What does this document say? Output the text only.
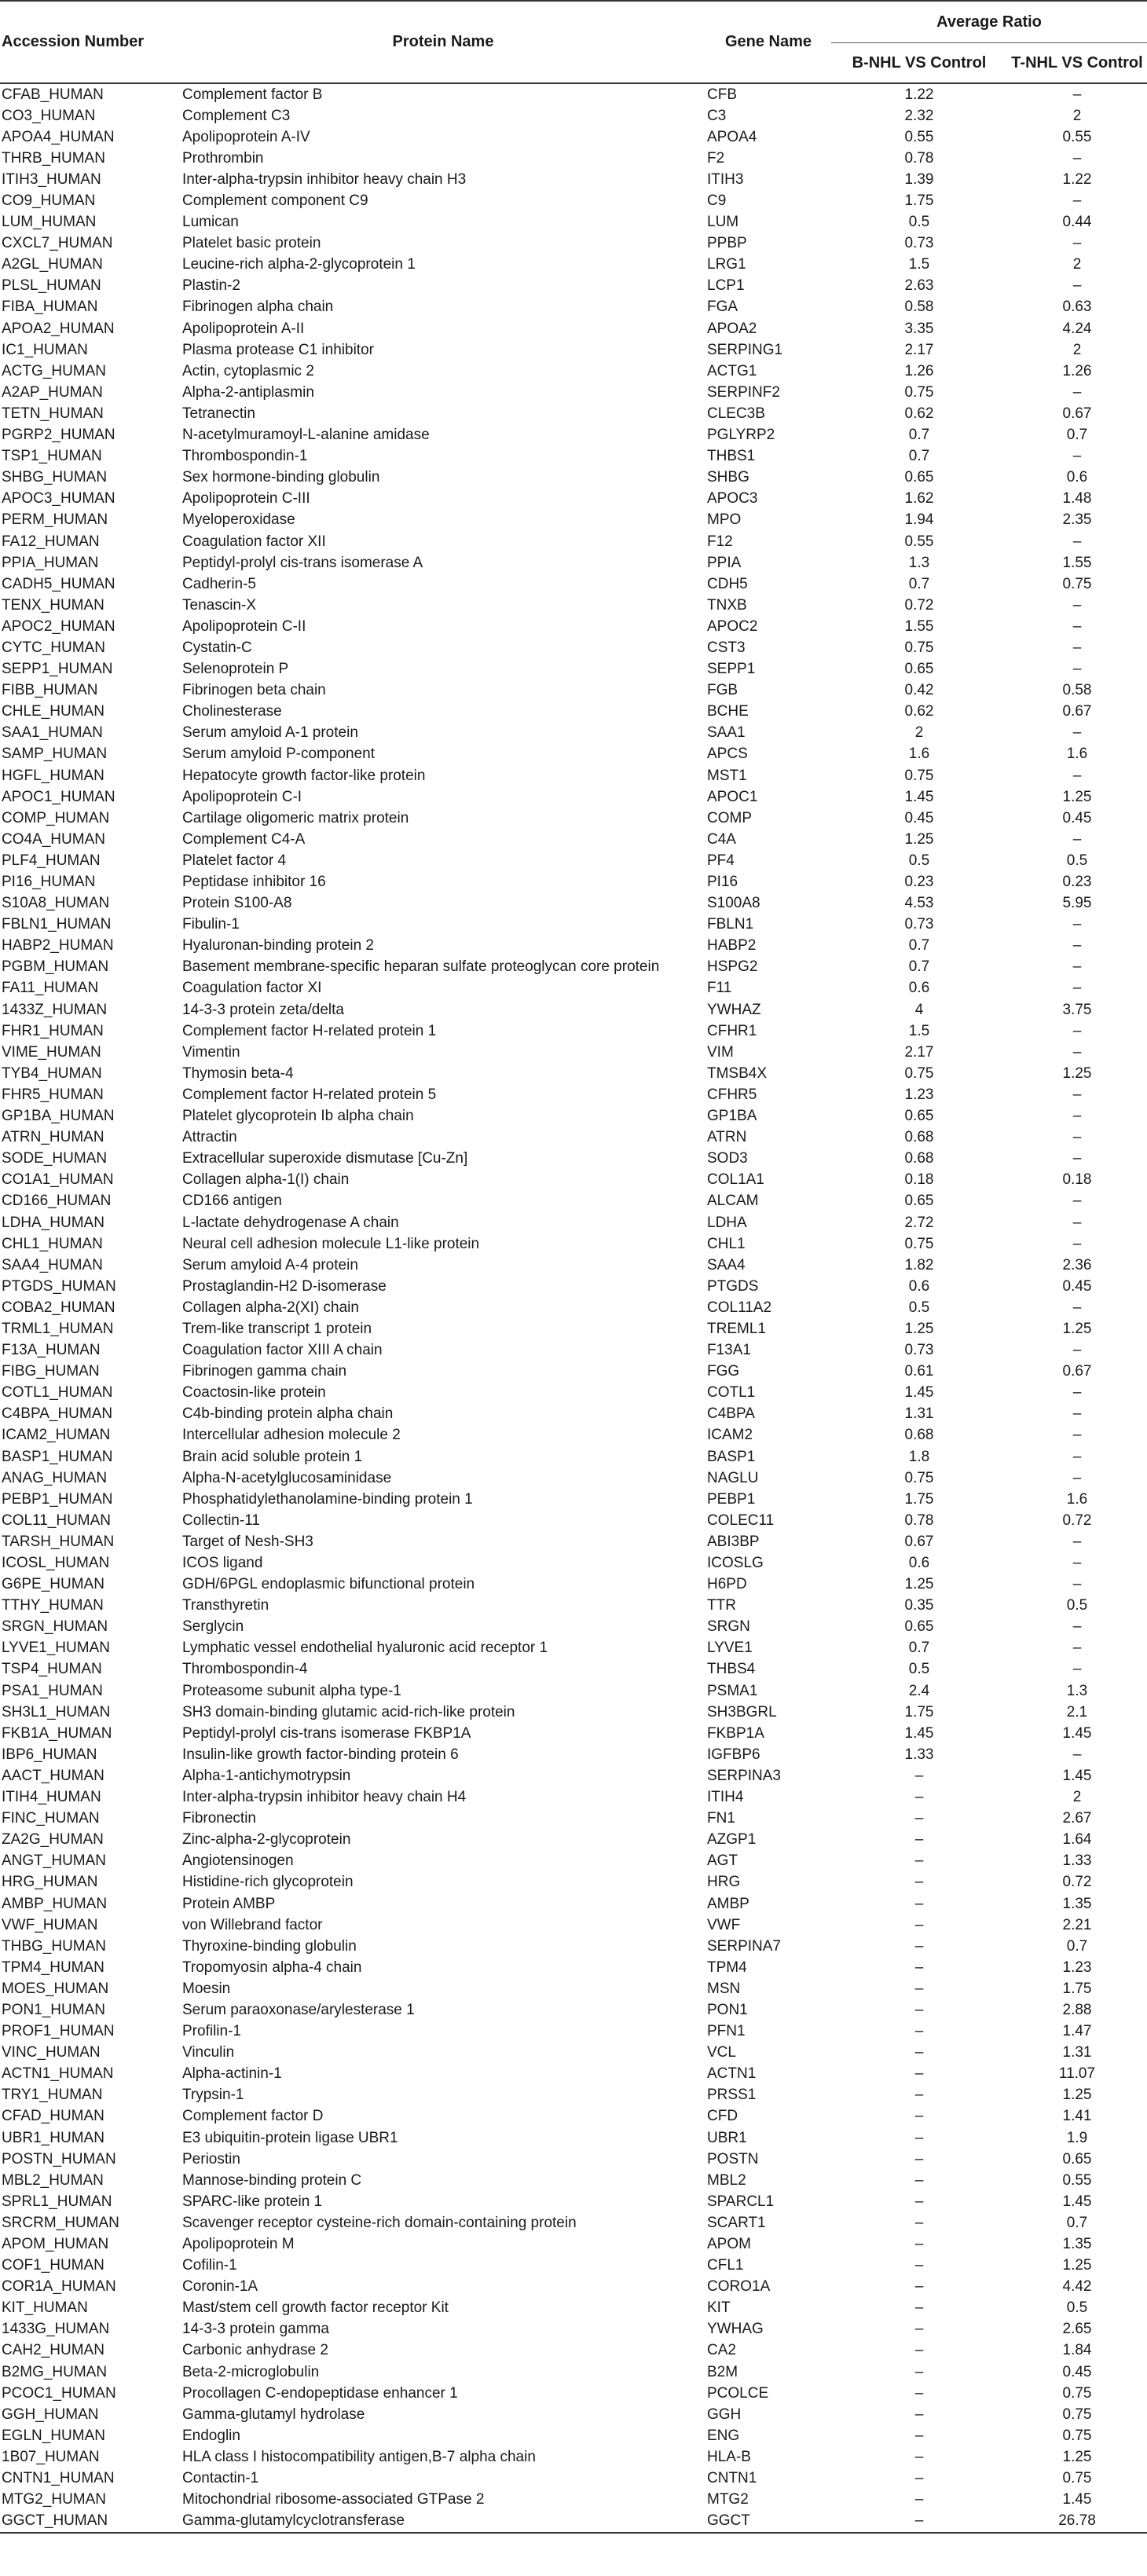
Accession Number	Protein Name	Gene Name	Average Ratio	
			B-NHL VS Control	T-NHL VS Control
CFAB_HUMAN	Complement factor B	CFB	1.22	–
CO3_HUMAN	Complement C3	C3	2.32	2
APOA4_HUMAN	Apolipoprotein A-IV	APOA4	0.55	0.55
THRB_HUMAN	Prothrombin	F2	0.78	–
ITIH3_HUMAN	Inter-alpha-trypsin inhibitor heavy chain H3	ITIH3	1.39	1.22
CO9_HUMAN	Complement component C9	C9	1.75	–
LUM_HUMAN	Lumican	LUM	0.5	0.44
CXCL7_HUMAN	Platelet basic protein	PPBP	0.73	–
A2GL_HUMAN	Leucine-rich alpha-2-glycoprotein 1	LRG1	1.5	2
PLSL_HUMAN	Plastin-2	LCP1	2.63	–
FIBA_HUMAN	Fibrinogen alpha chain	FGA	0.58	0.63
APOA2_HUMAN	Apolipoprotein A-II	APOA2	3.35	4.24
IC1_HUMAN	Plasma protease C1 inhibitor	SERPING1	2.17	2
ACTG_HUMAN	Actin, cytoplasmic 2	ACTG1	1.26	1.26
A2AP_HUMAN	Alpha-2-antiplasmin	SERPINF2	0.75	–
TETN_HUMAN	Tetranectin	CLEC3B	0.62	0.67
PGRP2_HUMAN	N-acetylmuramoyl-L-alanine amidase	PGLYRP2	0.7	0.7
TSP1_HUMAN	Thrombospondin-1	THBS1	0.7	–
SHBG_HUMAN	Sex hormone-binding globulin	SHBG	0.65	0.6
APOC3_HUMAN	Apolipoprotein C-III	APOC3	1.62	1.48
PERM_HUMAN	Myeloperoxidase	MPO	1.94	2.35
FA12_HUMAN	Coagulation factor XII	F12	0.55	–
PPIA_HUMAN	Peptidyl-prolyl cis-trans isomerase A	PPIA	1.3	1.55
CADH5_HUMAN	Cadherin-5	CDH5	0.7	0.75
TENX_HUMAN	Tenascin-X	TNXB	0.72	–
APOC2_HUMAN	Apolipoprotein C-II	APOC2	1.55	–
CYTC_HUMAN	Cystatin-C	CST3	0.75	–
SEPP1_HUMAN	Selenoprotein P	SEPP1	0.65	–
FIBB_HUMAN	Fibrinogen beta chain	FGB	0.42	0.58
CHLE_HUMAN	Cholinesterase	BCHE	0.62	0.67
SAA1_HUMAN	Serum amyloid A-1 protein	SAA1	2	–
SAMP_HUMAN	Serum amyloid P-component	APCS	1.6	1.6
HGFL_HUMAN	Hepatocyte growth factor-like protein	MST1	0.75	–
APOC1_HUMAN	Apolipoprotein C-I	APOC1	1.45	1.25
COMP_HUMAN	Cartilage oligomeric matrix protein	COMP	0.45	0.45
CO4A_HUMAN	Complement C4-A	C4A	1.25	–
PLF4_HUMAN	Platelet factor 4	PF4	0.5	0.5
PI16_HUMAN	Peptidase inhibitor 16	PI16	0.23	0.23
S10A8_HUMAN	Protein S100-A8	S100A8	4.53	5.95
FBLN1_HUMAN	Fibulin-1	FBLN1	0.73	–
HABP2_HUMAN	Hyaluronan-binding protein 2	HABP2	0.7	–
PGBM_HUMAN	Basement membrane-specific heparan sulfate proteoglycan core protein	HSPG2	0.7	–
FA11_HUMAN	Coagulation factor XI	F11	0.6	–
1433Z_HUMAN	14-3-3 protein zeta/delta	YWHAZ	4	3.75
FHR1_HUMAN	Complement factor H-related protein 1	CFHR1	1.5	–
VIME_HUMAN	Vimentin	VIM	2.17	–
TYB4_HUMAN	Thymosin beta-4	TMSB4X	0.75	1.25
FHR5_HUMAN	Complement factor H-related protein 5	CFHR5	1.23	–
GP1BA_HUMAN	Platelet glycoprotein Ib alpha chain	GP1BA	0.65	–
ATRN_HUMAN	Attractin	ATRN	0.68	–
SODE_HUMAN	Extracellular superoxide dismutase [Cu-Zn]	SOD3	0.68	–
CO1A1_HUMAN	Collagen alpha-1(I) chain	COL1A1	0.18	0.18
CD166_HUMAN	CD166 antigen	ALCAM	0.65	–
LDHA_HUMAN	L-lactate dehydrogenase A chain	LDHA	2.72	–
CHL1_HUMAN	Neural cell adhesion molecule L1-like protein	CHL1	0.75	–
SAA4_HUMAN	Serum amyloid A-4 protein	SAA4	1.82	2.36
PTGDS_HUMAN	Prostaglandin-H2 D-isomerase	PTGDS	0.6	0.45
COBA2_HUMAN	Collagen alpha-2(XI) chain	COL11A2	0.5	–
TRML1_HUMAN	Trem-like transcript 1 protein	TREML1	1.25	1.25
F13A_HUMAN	Coagulation factor XIII A chain	F13A1	0.73	–
FIBG_HUMAN	Fibrinogen gamma chain	FGG	0.61	0.67
COTL1_HUMAN	Coactosin-like protein	COTL1	1.45	–
C4BPA_HUMAN	C4b-binding protein alpha chain	C4BPA	1.31	–
ICAM2_HUMAN	Intercellular adhesion molecule 2	ICAM2	0.68	–
BASP1_HUMAN	Brain acid soluble protein 1	BASP1	1.8	–
ANAG_HUMAN	Alpha-N-acetylglucosaminidase	NAGLU	0.75	–
PEBP1_HUMAN	Phosphatidylethanolamine-binding protein 1	PEBP1	1.75	1.6
COL11_HUMAN	Collectin-11	COLEC11	0.78	0.72
TARSH_HUMAN	Target of Nesh-SH3	ABI3BP	0.67	–
ICOSL_HUMAN	ICOS ligand	ICOSLG	0.6	–
G6PE_HUMAN	GDH/6PGL endoplasmic bifunctional protein	H6PD	1.25	–
TTHY_HUMAN	Transthyretin	TTR	0.35	0.5
SRGN_HUMAN	Serglycin	SRGN	0.65	–
LYVE1_HUMAN	Lymphatic vessel endothelial hyaluronic acid receptor 1	LYVE1	0.7	–
TSP4_HUMAN	Thrombospondin-4	THBS4	0.5	–
PSA1_HUMAN	Proteasome subunit alpha type-1	PSMA1	2.4	1.3
SH3L1_HUMAN	SH3 domain-binding glutamic acid-rich-like protein	SH3BGRL	1.75	2.1
FKB1A_HUMAN	Peptidyl-prolyl cis-trans isomerase FKBP1A	FKBP1A	1.45	1.45
IBP6_HUMAN	Insulin-like growth factor-binding protein 6	IGFBP6	1.33	–
AACT_HUMAN	Alpha-1-antichymotrypsin	SERPINA3	–	1.45
ITIH4_HUMAN	Inter-alpha-trypsin inhibitor heavy chain H4	ITIH4	–	2
FINC_HUMAN	Fibronectin	FN1	–	2.67
ZA2G_HUMAN	Zinc-alpha-2-glycoprotein	AZGP1	–	1.64
ANGT_HUMAN	Angiotensinogen	AGT	–	1.33
HRG_HUMAN	Histidine-rich glycoprotein	HRG	–	0.72
AMBP_HUMAN	Protein AMBP	AMBP	–	1.35
VWF_HUMAN	von Willebrand factor	VWF	–	2.21
THBG_HUMAN	Thyroxine-binding globulin	SERPINA7	–	0.7
TPM4_HUMAN	Tropomyosin alpha-4 chain	TPM4	–	1.23
MOES_HUMAN	Moesin	MSN	–	1.75
PON1_HUMAN	Serum paraoxonase/arylesterase 1	PON1	–	2.88
PROF1_HUMAN	Profilin-1	PFN1	–	1.47
VINC_HUMAN	Vinculin	VCL	–	1.31
ACTN1_HUMAN	Alpha-actinin-1	ACTN1	–	11.07
TRY1_HUMAN	Trypsin-1	PRSS1	–	1.25
CFAD_HUMAN	Complement factor D	CFD	–	1.41
UBR1_HUMAN	E3 ubiquitin-protein ligase UBR1	UBR1	–	1.9
POSTN_HUMAN	Periostin	POSTN	–	0.65
MBL2_HUMAN	Mannose-binding protein C	MBL2	–	0.55
SPRL1_HUMAN	SPARC-like protein 1	SPARCL1	–	1.45
SRCRM_HUMAN	Scavenger receptor cysteine-rich domain-containing protein	SCART1	–	0.7
APOM_HUMAN	Apolipoprotein M	APOM	–	1.35
COF1_HUMAN	Cofilin-1	CFL1	–	1.25
COR1A_HUMAN	Coronin-1A	CORO1A	–	4.42
KIT_HUMAN	Mast/stem cell growth factor receptor Kit	KIT	–	0.5
1433G_HUMAN	14-3-3 protein gamma	YWHAG	–	2.65
CAH2_HUMAN	Carbonic anhydrase 2	CA2	–	1.84
B2MG_HUMAN	Beta-2-microglobulin	B2M	–	0.45
PCOC1_HUMAN	Procollagen C-endopeptidase enhancer 1	PCOLCE	–	0.75
GGH_HUMAN	Gamma-glutamyl hydrolase	GGH	–	0.75
EGLN_HUMAN	Endoglin	ENG	–	0.75
1B07_HUMAN	HLA class I histocompatibility antigen,B-7 alpha chain	HLA-B	–	1.25
CNTN1_HUMAN	Contactin-1	CNTN1	–	0.75
MTG2_HUMAN	Mitochondrial ribosome-associated GTPase 2	MTG2	–	1.45
GGCT_HUMAN	Gamma-glutamylcyclotransferase	GGCT	–	26.78
